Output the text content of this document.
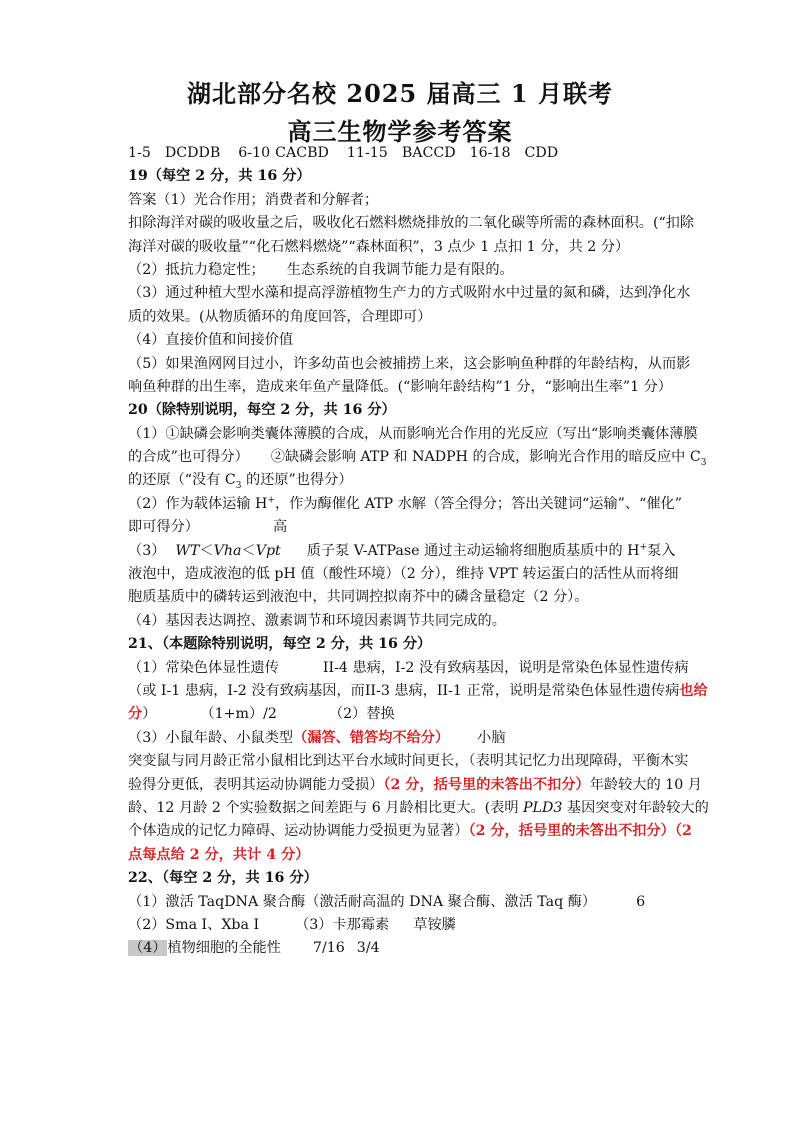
湖北部分名校 2025 届高三 1 月联考
高三生物学参考答案
1-5 DCDDB 6-10 CACBD 11-15 BACCD 16-18 CDD
19（每空 2 分，共 16 分）
答案（1）光合作用；消费者和分解者；
扣除海洋对碳的吸收量之后，吸收化石燃料燃烧排放的二氧化碳等所需的森林面积。(“扣除
海洋对碳的吸收量”“化石燃料燃烧”“森林面积”，3 点少 1 点扣 1 分，共 2 分）
（2）抵抗力稳定性； 生态系统的自我调节能力是有限的。
（3）通过种植大型水藻和提高浮游植物生产力的方式吸附水中过量的氮和磷，达到净化水
质的效果。(从物质循环的角度回答，合理即可）
（4）直接价值和间接价值
（5）如果渔网网目过小，许多幼苗也会被捕捞上来，这会影响鱼种群的年龄结构，从而影
响鱼种群的出生率，造成来年鱼产量降低。(“影响年龄结构”1 分，“影响出生率”1 分）
20（除特别说明，每空 2 分，共 16 分）
（1）①缺磷会影响类囊体薄膜的合成，从而影响光合作用的光反应（写出“影响类囊体薄膜
的合成”也可得分） ②缺磷会影响 ATP 和 NADPH 的合成，影响光合作用的暗反应中 $C_3$
的还原（“没有 $C_3$ 的还原”也得分）
（2）作为载体运输 H+，作为酶催化 ATP 水解（答全得分；答出关键词“运输”、“催化”
即可得分）	高
（3） WT＜Vha＜Vpt 质子泵 V-ATPase 通过主动运输将细胞质基质中的 H+泵入
液泡中，造成液泡的低 pH 值（酸性环境）（2 分），维持 VPT 转运蛋白的活性从而将细
胞质基质中的磷转运到液泡中，共同调控拟南芥中的磷含量稳定（2 分）。
（4）基因表达调控、激素调节和环境因素调节共同完成的。
21、（本题除特别说明，每空 2 分，共 16 分）
（1）常染色体显性遗传	II-4 患病，I-2 没有致病基因，说明是常染色体显性遗传病
（或 I-1 患病，I-2 没有致病基因，而II-3 患病，II-1 正常，说明是常染色体显性遗传病也给
分）	（1+m）/2	（2）替换
（3）小鼠年龄、小鼠类型（漏答、错答均不给分） 小脑
突变鼠与同月龄正常小鼠相比到达平台水域时间更长，（表明其记忆力出现障碍，平衡木实
验得分更低，表明其运动协调能力受损）（2 分，括号里的未答出不扣分）年龄较大的 10 月
龄、12 月龄 2 个实验数据之间差距与 6 月龄相比更大。(表明 PLD3 基因突变对年龄较大的
个体造成的记忆力障碍、运动协调能力受损更为显著）（2 分，括号里的未答出不扣分）（2
点每点给 2 分，共计 4 分）
22、（每空 2 分，共 16 分）
（1）激活 TaqDNA 聚合酶（激活耐高温的 DNA 聚合酶、激活 Taq 酶）	6
（2）Sma I、Xba I	（3）卡那霉素 草铵膦
（4）植物细胞的全能性 7/16 3/4
